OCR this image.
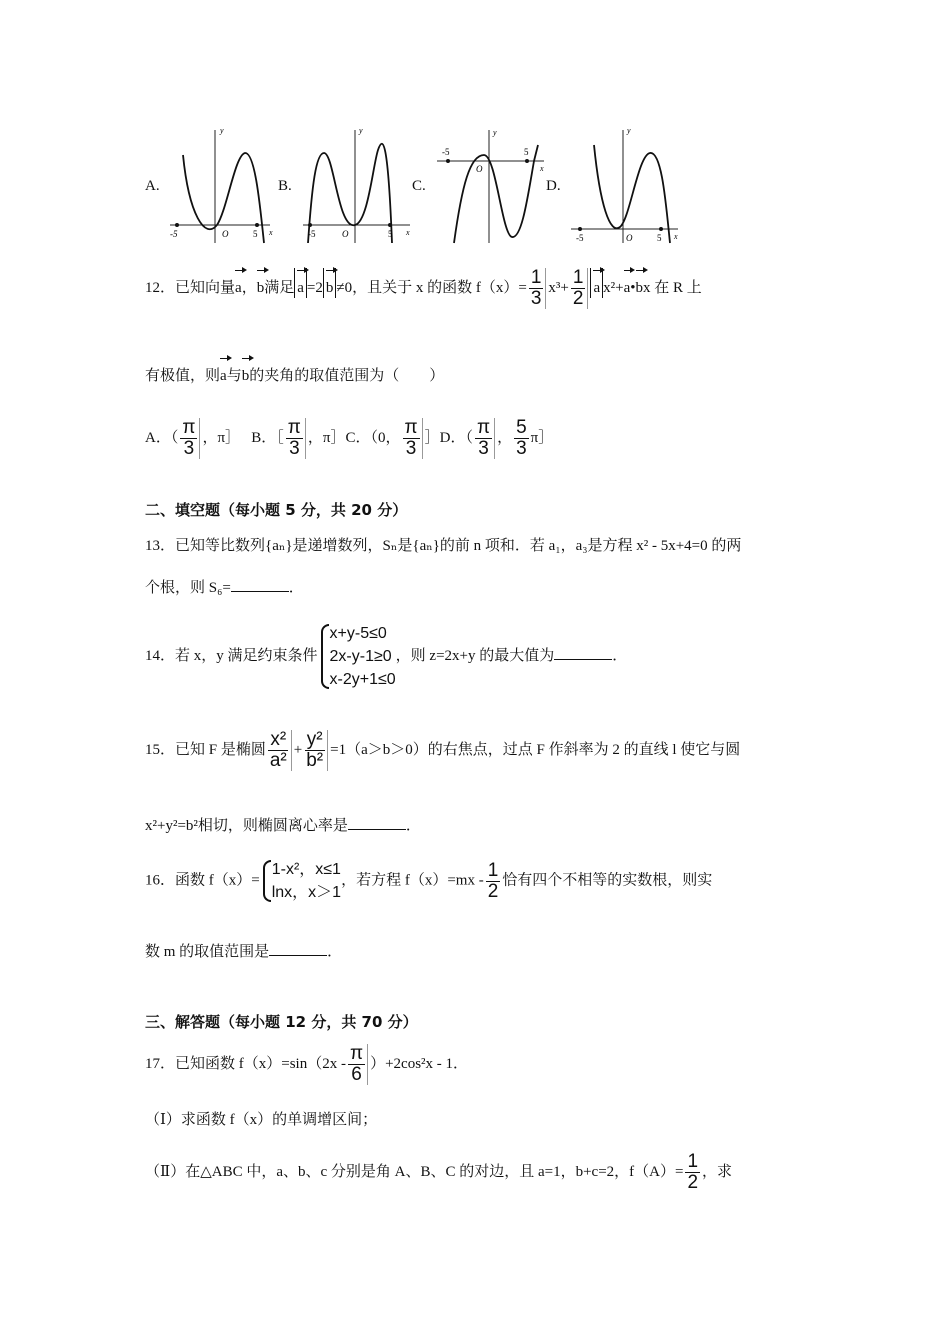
A.
-5	O	5 x
y
B.
-5	O	5 x
y
C.
-5
O
5
x
y
D.
-5	O	5 x
y
12．已知向量a，b满足 a =2 b ≠0，且关于 x 的函数 $f(x)= \frac{1}{3} x^3+ \frac{1}{2}$ a x²+a•bx 在 R 上
有极值，则a与b的夹角的取值范围为（　　）
A．（ $\frac{\pi}{3}$ ，π］ B．［ $\frac{\pi}{3}$ ，π］C．（0， $\frac{\pi}{3}$ ］D．（ $\frac{\pi}{3}$ ， $\frac{5}{3}$ π］
二、填空题（每小题 5 分，共 20 分）
13．已知等比数列{aₙ}是递增数列，Sₙ是{aₙ}的前 n 项和．若 a₁，a₃是方程 x² - 5x+4=0 的两
个根，则 S₆=	．
14．若 x，y 满足约束条件x+y-5≤0
2x-y-1≥0
x-2y+1≤0，则 z=2x+y 的最大值为	．
15．已知 F 是椭圆 $\frac{\text{x²}}{\text{a²}} + \frac{\text{y²}}{\text{b²}} =1(a>b>0)$的右焦点，过点 F 作斜率为 2 的直线 l 使它与圆
x²+y²=b²相切，则椭圆离心率是	．
16．函数 f（x）=1-x²，x≤1
lnx，x＞1，若方程 $f(x)=mx - \frac{1}{2}$ 恰有四个不相等的实数根，则实
数 m 的取值范围是	．
三、解答题（每小题 12 分，共 70 分）
17．已知函数 $f(x)=\sin(2x - \frac{\pi}{6} )+2\cos^2x - 1$．
（Ⅰ）求函数 f（x）的单调增区间；
（Ⅱ）在△ABC 中，a、b、c 分别是角 A、B、C 的对边，且 a=1，b+c=2，$f(A)= \frac{1}{2}$ ，求
